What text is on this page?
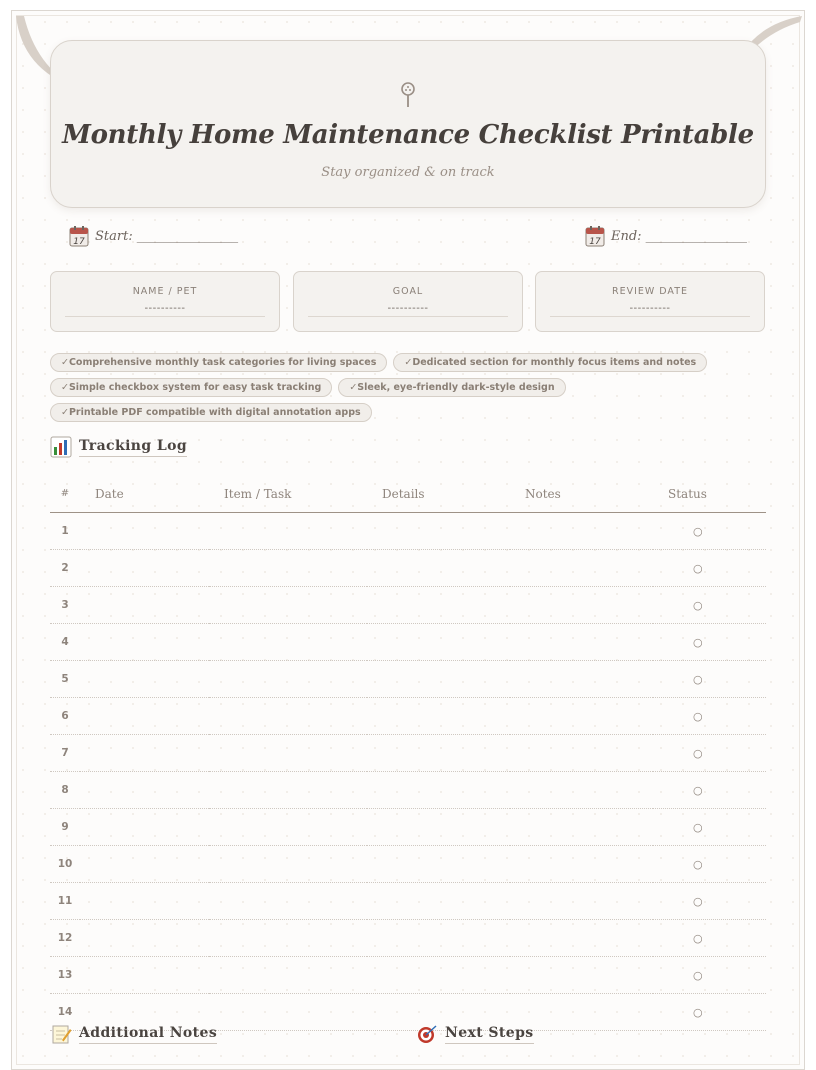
Monthly Home Maintenance Checklist Printable
Stay organized & on track
17 Start: _______________	17 End: _______________
NAME / PET
----------
GOAL
----------
REVIEW DATE
----------
✓Comprehensive monthly task categories for living spaces	✓Dedicated section for monthly focus items and notes
✓Simple checkbox system for easy task tracking	✓Sleek, eye-friendly dark-style design
✓Printable PDF compatible with digital annotation apps
Tracking Log
#	Date	Item / Task	Details	Notes	Status
1					○
2					○
3					○
4					○
5					○
6					○
7					○
8					○
9					○
10					○
11					○
12					○
13					○
14					○
Additional Notes	Next Steps
